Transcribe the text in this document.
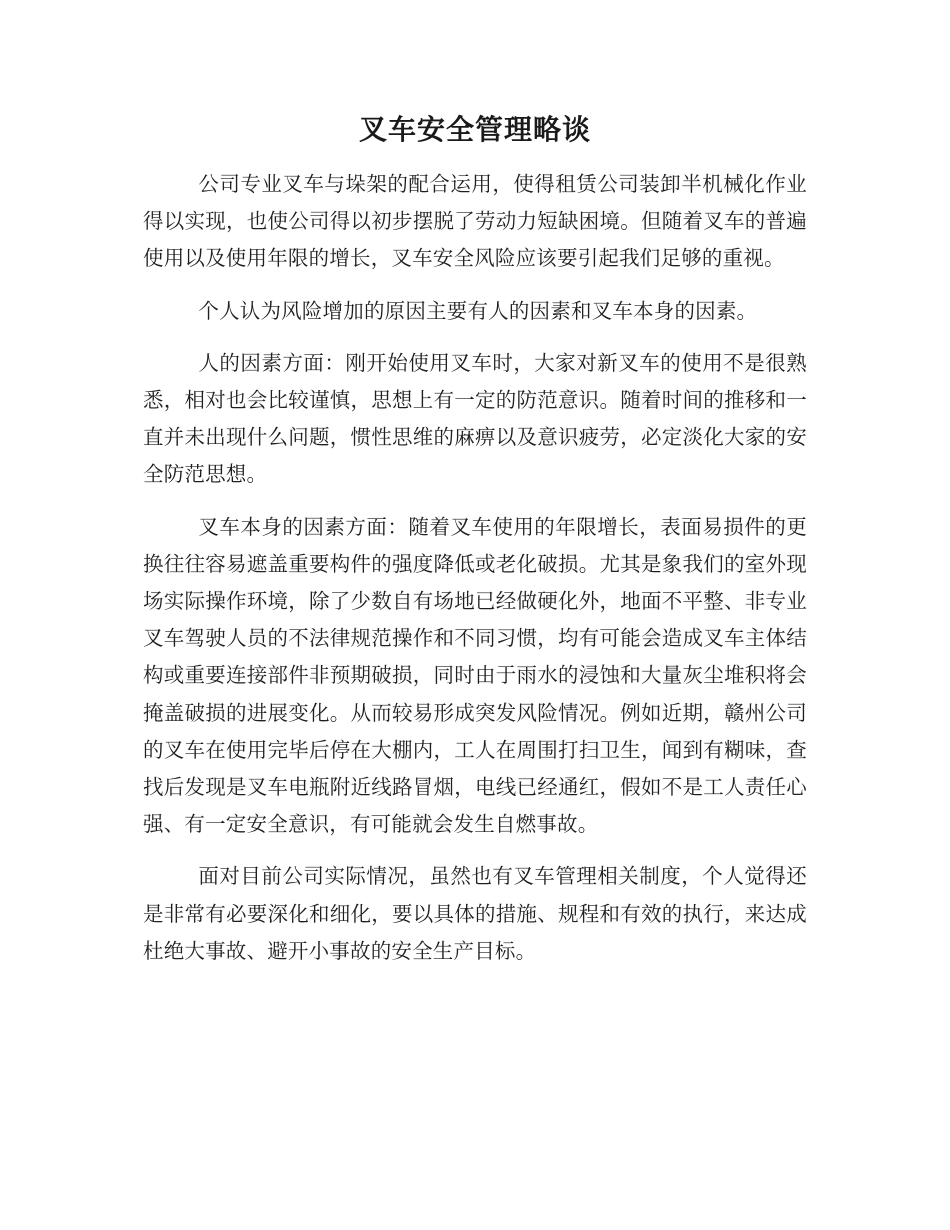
叉车安全管理略谈

公司专业叉车与垛架的配合运用，使得租赁公司装卸半机械化作业得以实现，也使公司得以初步摆脱了劳动力短缺困境。但随着叉车的普遍使用以及使用年限的增长，叉车安全风险应该要引起我们足够的重视。

个人认为风险增加的原因主要有人的因素和叉车本身的因素。

人的因素方面：刚开始使用叉车时，大家对新叉车的使用不是很熟悉，相对也会比较谨慎，思想上有一定的防范意识。随着时间的推移和一直并未出现什么问题，惯性思维的麻痹以及意识疲劳，必定淡化大家的安全防范思想。

叉车本身的因素方面：随着叉车使用的年限增长，表面易损件的更换往往容易遮盖重要构件的强度降低或老化破损。尤其是象我们的室外现场实际操作环境，除了少数自有场地已经做硬化外，地面不平整、非专业叉车驾驶人员的不法律规范操作和不同习惯，均有可能会造成叉车主体结构或重要连接部件非预期破损，同时由于雨水的浸蚀和大量灰尘堆积将会掩盖破损的进展变化。从而较易形成突发风险情况。例如近期，赣州公司的叉车在使用完毕后停在大棚内，工人在周围打扫卫生，闻到有糊味，查找后发现是叉车电瓶附近线路冒烟，电线已经通红，假如不是工人责任心强、有一定安全意识，有可能就会发生自燃事故。

面对目前公司实际情况，虽然也有叉车管理相关制度，个人觉得还是非常有必要深化和细化，要以具体的措施、规程和有效的执行，来达成杜绝大事故、避开小事故的安全生产目标。
